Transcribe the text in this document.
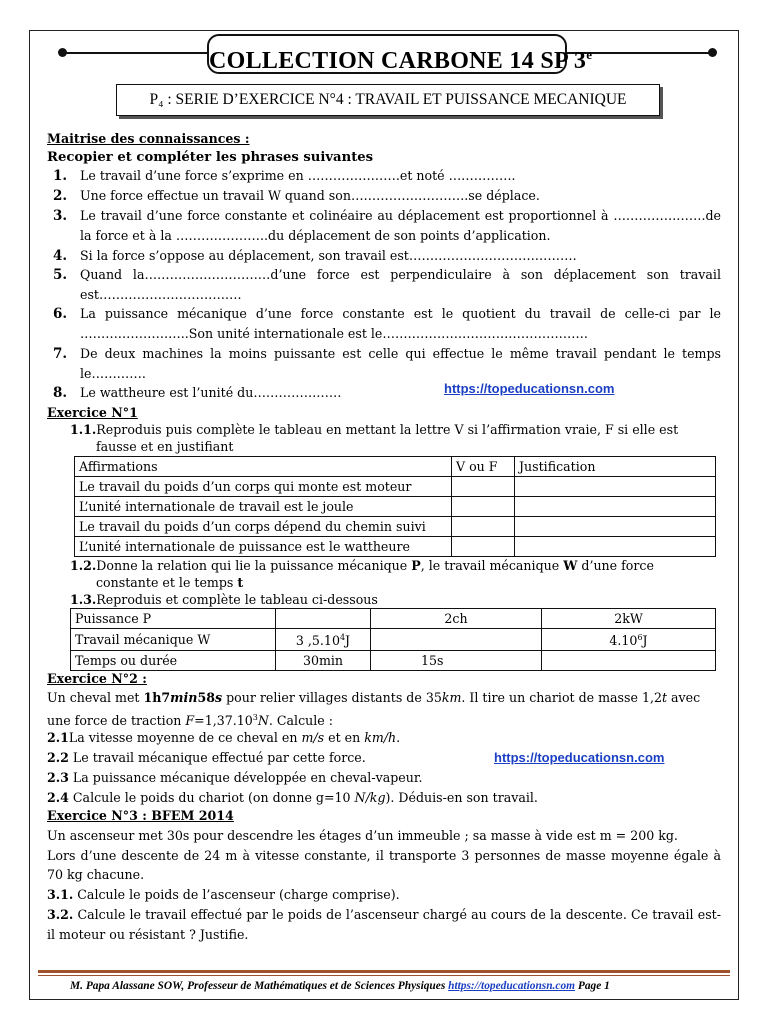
COLLECTION CARBONE 14 SP 3e
P₄ : SERIE D’EXERCICE N°4 : TRAVAIL ET PUISSANCE MECANIQUE
Maitrise des connaissances :
Recopier et compléter les phrases suivantes
1. Le travail d’une force s’exprime en ………………….et noté …………….
2. Une force effectue un travail W quand son……………………….se déplace.
3. Le travail d’une force constante et colinéaire au déplacement est proportionnel à ………………….de
la force et à la ………………….du déplacement de son points d’application.
4. Si la force s’oppose au déplacement, son travail est………………………………….
5. Quand la…………………………d’une force est perpendiculaire à son déplacement son travail
est…………………………….
6. La puissance mécanique d’une force constante est le quotient du travail de celle-ci par le
……………………..Son unité internationale est le………………………………………….
7. De deux machines la moins puissante est celle qui effectue le même travail pendant le temps
le………….
8. Le wattheure est l’unité du…………………	https://topeducationsn.com
Exercice N°1
1.1.Reproduis puis complète le tableau en mettant la lettre V si l’affirmation vraie, F si elle est
fausse et en justifiant
Affirmations	V ou F	Justification
Le travail du poids d’un corps qui monte est moteur		
L’unité internationale de travail est le joule		
Le travail du poids d’un corps dépend du chemin suivi		
L’unité internationale de puissance est le wattheure		
1.2.Donne la relation qui lie la puissance mécanique P, le travail mécanique W d’une force
constante et le temps t
1.3.Reproduis et complète le tableau ci-dessous
Puissance P		2ch	2kW
Travail mécanique W	3 ,5.10$^4$J		4.10$^6$J
Temps ou durée	30min	15s	
Exercice N°2 :
Un cheval met 1h7min58s pour relier villages distants de 35km. Il tire un chariot de masse 1,2t avec
une force de traction $F=1,37.10^3N$. Calcule :
2.1La vitesse moyenne de ce cheval en m/s et en km/h.
2.2 Le travail mécanique effectué par cette force.	https://topeducationsn.com
2.3 La puissance mécanique développée en cheval-vapeur.
2.4 Calcule le poids du chariot (on donne g=10 N/kg). Déduis-en son travail.
Exercice N°3 : BFEM 2014
Un ascenseur met 30s pour descendre les étages d’un immeuble ; sa masse à vide est m = 200 kg.
Lors d’une descente de 24 m à vitesse constante, il transporte 3 personnes de masse moyenne égale à
70 kg chacune.
3.1. Calcule le poids de l’ascenseur (charge comprise).
3.2. Calcule le travail effectué par le poids de l’ascenseur chargé au cours de la descente. Ce travail est-
il moteur ou résistant ? Justifie.
M. Papa Alassane SOW, Professeur de Mathématiques et de Sciences Physiques https://topeducationsn.com Page 1
